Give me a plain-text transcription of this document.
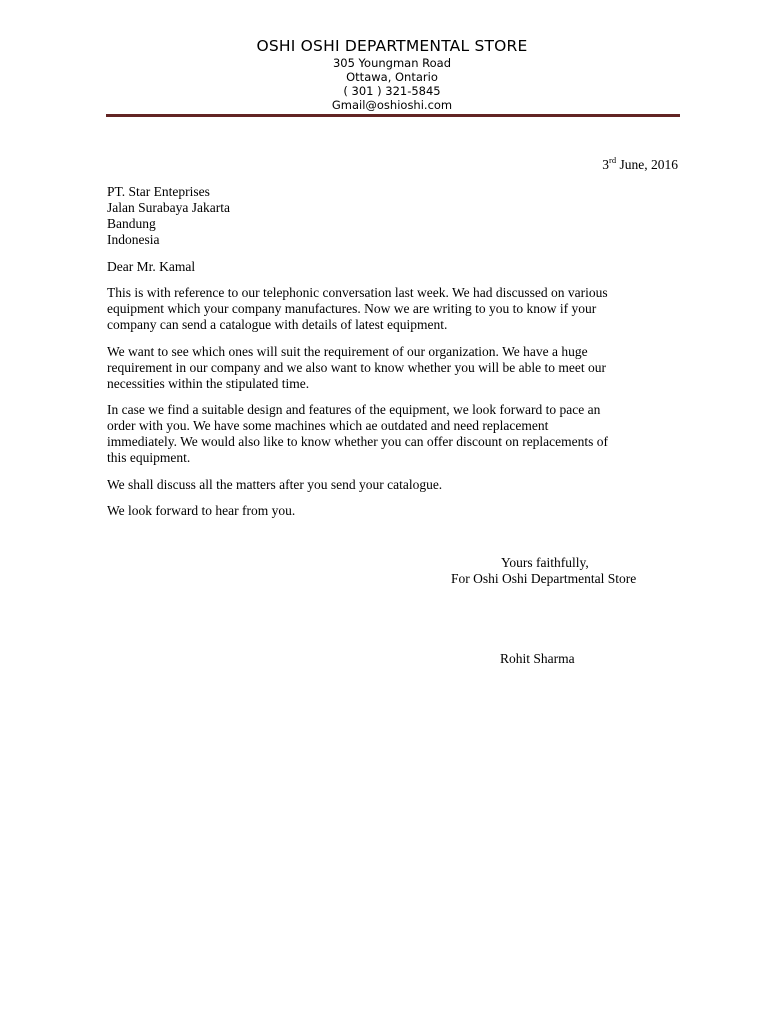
OSHI OSHI DEPARTMENTAL STORE
305 Youngman Road
Ottawa, Ontario
( 301 ) 321-5845
Gmail@oshioshi.com
3rd June, 2016
PT. Star Enteprises
Jalan Surabaya Jakarta
Bandung
Indonesia
Dear Mr. Kamal
This is with reference to our telephonic conversation last week. We had discussed on various
equipment which your company manufactures. Now we are writing to you to know if your
company can send a catalogue with details of latest equipment.
We want to see which ones will suit the requirement of our organization. We have a huge
requirement in our company and we also want to know whether you will be able to meet our
necessities within the stipulated time.
In case we find a suitable design and features of the equipment, we look forward to pace an
order with you. We have some machines which ae outdated and need replacement
immediately. We would also like to know whether you can offer discount on replacements of
this equipment.
We shall discuss all the matters after you send your catalogue.
We look forward to hear from you.
Yours faithfully,
For Oshi Oshi Departmental Store
Rohit Sharma
